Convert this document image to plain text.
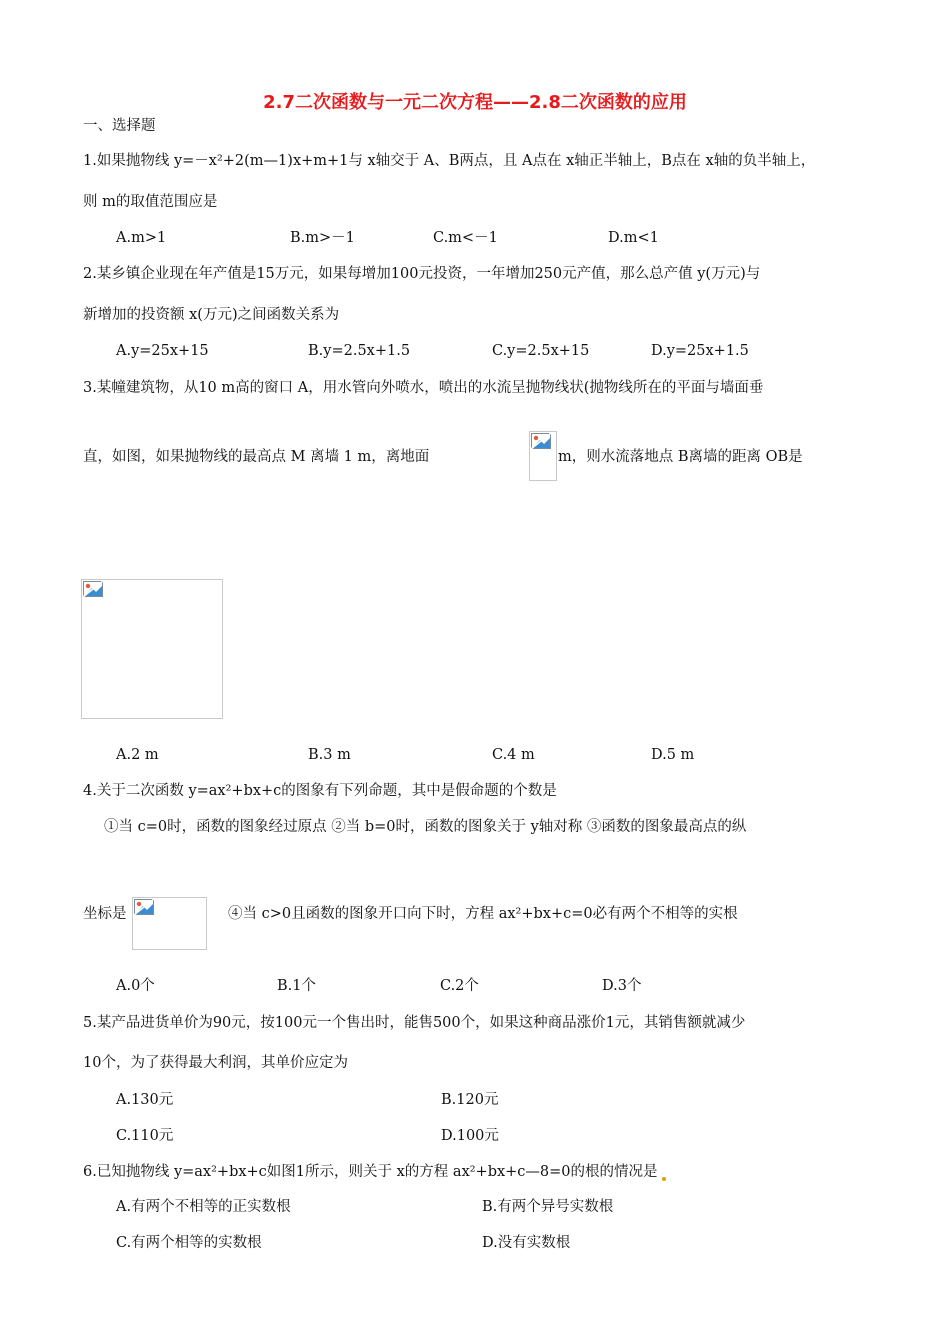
2.7二次函数与一元二次方程——2.8二次函数的应用
一、选择题
1.如果抛物线 y=－x²+2(m—1)x+m+1与 x轴交于 A、B两点，且 A点在 x轴正半轴上，B点在 x轴的负半轴上，
则 m的取值范围应是
A.m>1	B.m>－1	C.m<－1	D.m<1
2.某乡镇企业现在年产值是15万元，如果每增加100元投资，一年增加250元产值，那么总产值 y(万元)与
新增加的投资额 x(万元)之间函数关系为
A.y=25x+15	B.y=2.5x+1.5	C.y=2.5x+15	D.y=25x+1.5
3.某幢建筑物，从10 m高的窗口 A，用水管向外喷水，喷出的水流呈抛物线状(抛物线所在的平面与墙面垂
直，如图，如果抛物线的最高点 M 离墙 1 m，离地面	m，则水流落地点 B离墙的距离 OB是
A.2 m	B.3 m	C.4 m	D.5 m
4.关于二次函数 y=ax²+bx+c的图象有下列命题，其中是假命题的个数是
①当 c=0时，函数的图象经过原点 ②当 b=0时，函数的图象关于 y轴对称 ③函数的图象最高点的纵
坐标是	④当 c>0且函数的图象开口向下时，方程 ax²+bx+c=0必有两个不相等的实根
A.0个	B.1个	C.2个	D.3个
5.某产品进货单价为90元，按100元一个售出时，能售500个，如果这种商品涨价1元，其销售额就减少
10个，为了获得最大利润，其单价应定为
A.130元	B.120元
C.110元	D.100元
6.已知抛物线 y=ax²+bx+c如图1所示，则关于 x的方程 ax²+bx+c—8=0的根的情况是
A.有两个不相等的正实数根	B.有两个异号实数根
C.有两个相等的实数根	D.没有实数根
